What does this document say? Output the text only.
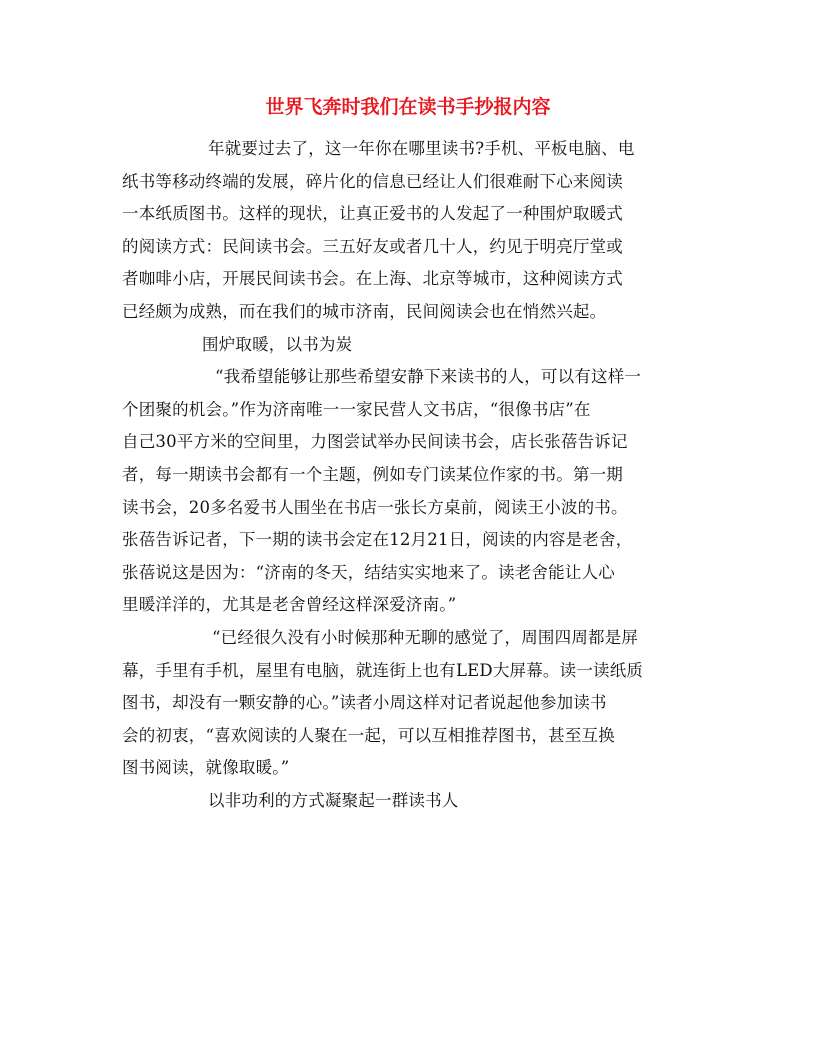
世界飞奔时我们在读书手抄报内容
年就要过去了，这一年你在哪里读书?手机、平板电脑、电
纸书等移动终端的发展，碎片化的信息已经让人们很难耐下心来阅读
一本纸质图书。这样的现状，让真正爱书的人发起了一种围炉取暖式
的阅读方式：民间读书会。三五好友或者几十人，约见于明亮厅堂或
者咖啡小店，开展民间读书会。在上海、北京等城市，这种阅读方式
已经颇为成熟，而在我们的城市济南，民间阅读会也在悄然兴起。
围炉取暖，以书为炭
“我希望能够让那些希望安静下来读书的人，可以有这样一
个团聚的机会。”作为济南唯一一家民营人文书店，“很像书店”在
自己30平方米的空间里，力图尝试举办民间读书会，店长张蓓告诉记
者，每一期读书会都有一个主题，例如专门读某位作家的书。第一期
读书会，20多名爱书人围坐在书店一张长方桌前，阅读王小波的书。
张蓓告诉记者，下一期的读书会定在12月21日，阅读的内容是老舍，
张蓓说这是因为：“济南的冬天，结结实实地来了。读老舍能让人心
里暖洋洋的，尤其是老舍曾经这样深爱济南。”
“已经很久没有小时候那种无聊的感觉了，周围四周都是屏
幕，手里有手机，屋里有电脑，就连街上也有LED大屏幕。读一读纸质
图书，却没有一颗安静的心。”读者小周这样对记者说起他参加读书
会的初衷，“喜欢阅读的人聚在一起，可以互相推荐图书，甚至互换
图书阅读，就像取暖。”
以非功利的方式凝聚起一群读书人
